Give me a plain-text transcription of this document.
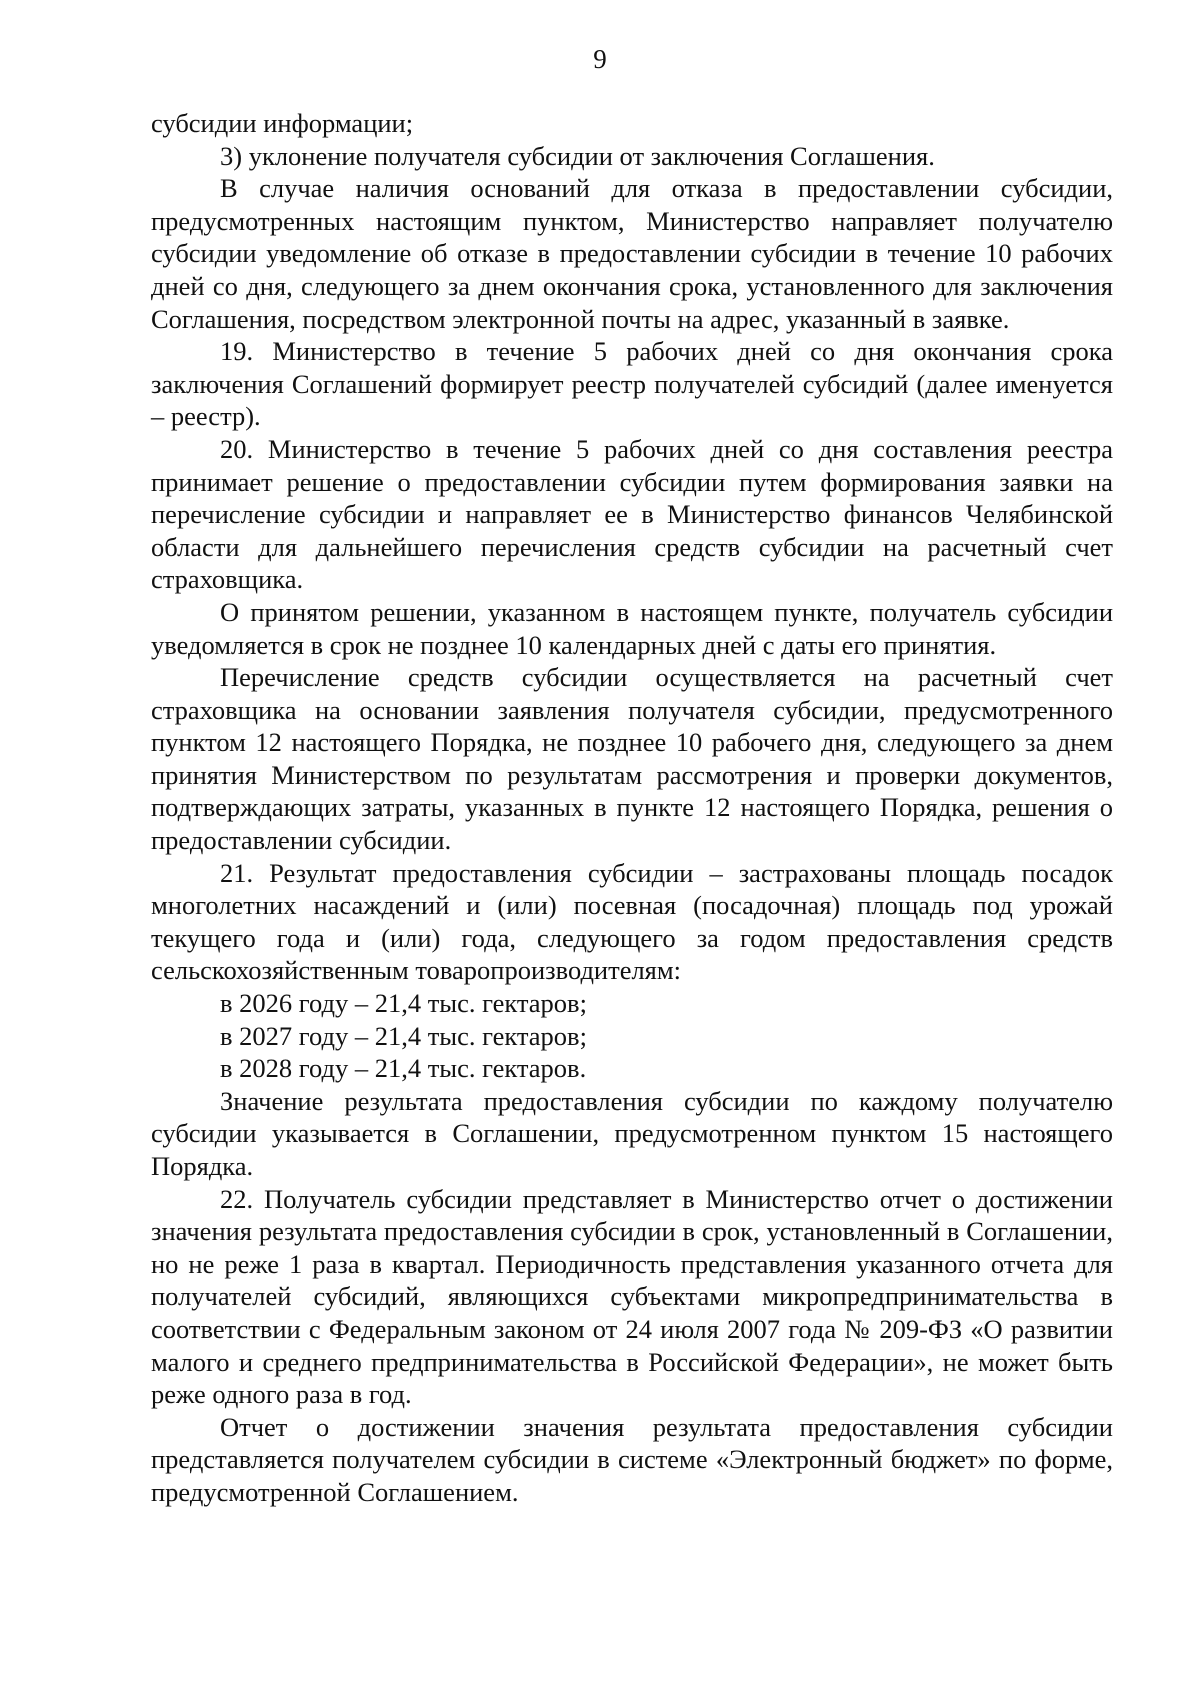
9

субсидии информации;

3) уклонение получателя субсидии от заключения Соглашения.

В случае наличия оснований для отказа в предоставлении субсидии, предусмотренных настоящим пунктом, Министерство направляет получателю субсидии уведомление об отказе в предоставлении субсидии в течение 10 рабочих дней со дня, следующего за днем окончания срока, установленного для заключения Соглашения, посредством электронной почты на адрес, указанный в заявке.

19. Министерство в течение 5 рабочих дней со дня окончания срока заключения Соглашений формирует реестр получателей субсидий (далее именуется – реестр).

20. Министерство в течение 5 рабочих дней со дня составления реестра принимает решение о предоставлении субсидии путем формирования заявки на перечисление субсидии и направляет ее в Министерство финансов Челябинской области для дальнейшего перечисления средств субсидии на расчетный счет страховщика.

О принятом решении, указанном в настоящем пункте, получатель субсидии уведомляется в срок не позднее 10 календарных дней с даты его принятия.

Перечисление средств субсидии осуществляется на расчетный счет страховщика на основании заявления получателя субсидии, предусмотренного пунктом 12 настоящего Порядка, не позднее 10 рабочего дня, следующего за днем принятия Министерством по результатам рассмотрения и проверки документов, подтверждающих затраты, указанных в пункте 12 настоящего Порядка, решения о предоставлении субсидии.

21. Результат предоставления субсидии – застрахованы площадь посадок многолетних насаждений и (или) посевная (посадочная) площадь под урожай текущего года и (или) года, следующего за годом предоставления средств сельскохозяйственным товаропроизводителям:

в 2026 году – 21,4 тыс. гектаров;

в 2027 году – 21,4 тыс. гектаров;

в 2028 году – 21,4 тыс. гектаров.

Значение результата предоставления субсидии по каждому получателю субсидии указывается в Соглашении, предусмотренном пунктом 15 настоящего Порядка.

22. Получатель субсидии представляет в Министерство отчет о достижении значения результата предоставления субсидии в срок, установленный в Соглашении, но не реже 1 раза в квартал. Периодичность представления указанного отчета для получателей субсидий, являющихся субъектами микропредпринимательства в соответствии с Федеральным законом от 24 июля 2007 года № 209-ФЗ «О развитии малого и среднего предпринимательства в Российской Федерации», не может быть реже одного раза в год.

Отчет о достижении значения результата предоставления субсидии представляется получателем субсидии в системе «Электронный бюджет» по форме, предусмотренной Соглашением.
